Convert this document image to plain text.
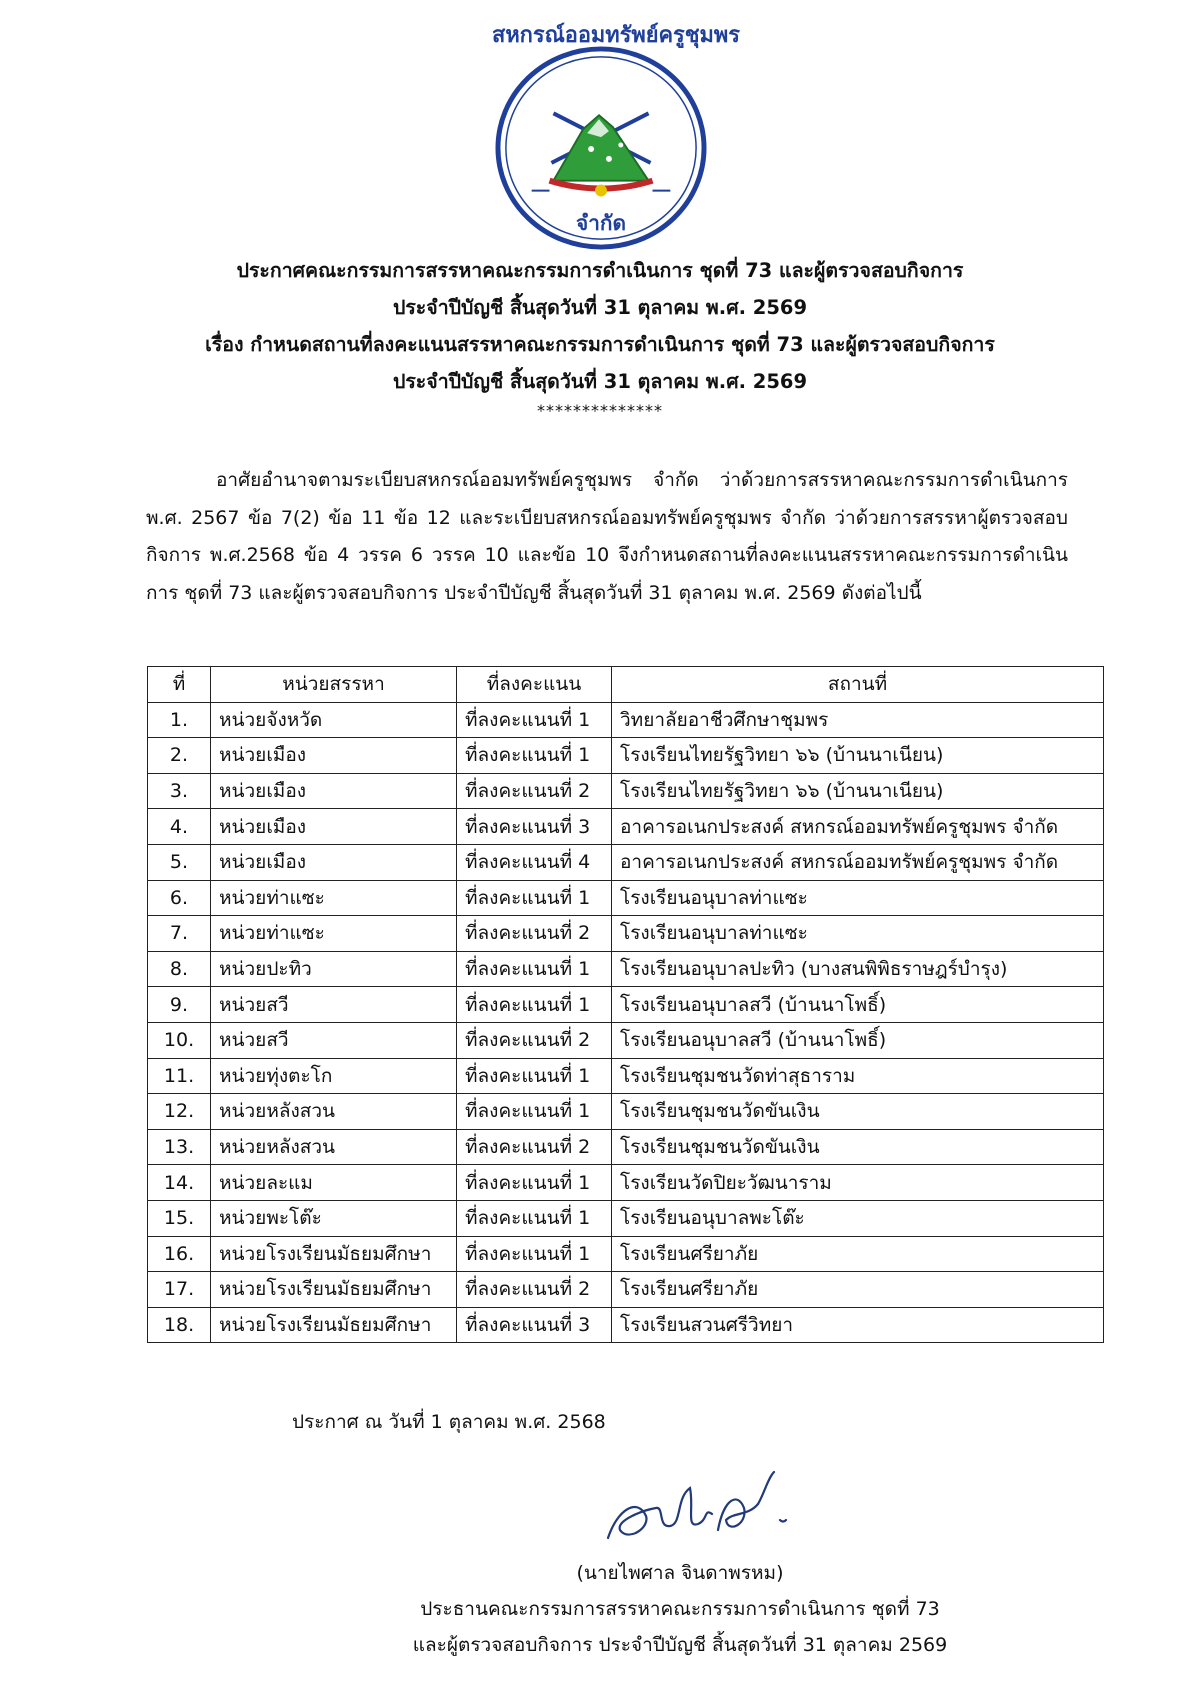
สหกรณ์ออมทรัพย์ครูชุมพร
จำกัด
ประกาศคณะกรรมการสรรหาคณะกรรมการดำเนินการ ชุดที่ 73 และผู้ตรวจสอบกิจการ
ประจำปีบัญชี สิ้นสุดวันที่ 31 ตุลาคม พ.ศ. 2569
เรื่อง กำหนดสถานที่ลงคะแนนสรรหาคณะกรรมการดำเนินการ ชุดที่ 73 และผู้ตรวจสอบกิจการ
ประจำปีบัญชี สิ้นสุดวันที่ 31 ตุลาคม พ.ศ. 2569
**************
อาศัยอำนาจตามระเบียบสหกรณ์ออมทรัพย์ครูชุมพร จำกัด ว่าด้วยการสรรหาคณะกรรมการดำเนินการ พ.ศ. 2567 ข้อ 7(2) ข้อ 11 ข้อ 12 และระเบียบสหกรณ์ออมทรัพย์ครูชุมพร จำกัด ว่าด้วยการสรรหาผู้ตรวจสอบกิจการ พ.ศ.2568 ข้อ 4 วรรค 6 วรรค 10 และข้อ 10 จึงกำหนดสถานที่ลงคะแนนสรรหาคณะกรรมการดำเนินการ ชุดที่ 73 และผู้ตรวจสอบกิจการ ประจำปีบัญชี สิ้นสุดวันที่ 31 ตุลาคม พ.ศ. 2569 ดังต่อไปนี้
ที่	หน่วยสรรหา	ที่ลงคะแนน	สถานที่
1.	หน่วยจังหวัด	ที่ลงคะแนนที่ 1	วิทยาลัยอาชีวศึกษาชุมพร
2.	หน่วยเมือง	ที่ลงคะแนนที่ 1	โรงเรียนไทยรัฐวิทยา ๖๖ (บ้านนาเนียน)
3.	หน่วยเมือง	ที่ลงคะแนนที่ 2	โรงเรียนไทยรัฐวิทยา ๖๖ (บ้านนาเนียน)
4.	หน่วยเมือง	ที่ลงคะแนนที่ 3	อาคารอเนกประสงค์ สหกรณ์ออมทรัพย์ครูชุมพร จำกัด
5.	หน่วยเมือง	ที่ลงคะแนนที่ 4	อาคารอเนกประสงค์ สหกรณ์ออมทรัพย์ครูชุมพร จำกัด
6.	หน่วยท่าแซะ	ที่ลงคะแนนที่ 1	โรงเรียนอนุบาลท่าแซะ
7.	หน่วยท่าแซะ	ที่ลงคะแนนที่ 2	โรงเรียนอนุบาลท่าแซะ
8.	หน่วยปะทิว	ที่ลงคะแนนที่ 1	โรงเรียนอนุบาลปะทิว (บางสนพิพิธราษฎร์บำรุง)
9.	หน่วยสวี	ที่ลงคะแนนที่ 1	โรงเรียนอนุบาลสวี (บ้านนาโพธิ์)
10.	หน่วยสวี	ที่ลงคะแนนที่ 2	โรงเรียนอนุบาลสวี (บ้านนาโพธิ์)
11.	หน่วยทุ่งตะโก	ที่ลงคะแนนที่ 1	โรงเรียนชุมชนวัดท่าสุธาราม
12.	หน่วยหลังสวน	ที่ลงคะแนนที่ 1	โรงเรียนชุมชนวัดขันเงิน
13.	หน่วยหลังสวน	ที่ลงคะแนนที่ 2	โรงเรียนชุมชนวัดขันเงิน
14.	หน่วยละแม	ที่ลงคะแนนที่ 1	โรงเรียนวัดปิยะวัฒนาราม
15.	หน่วยพะโต๊ะ	ที่ลงคะแนนที่ 1	โรงเรียนอนุบาลพะโต๊ะ
16.	หน่วยโรงเรียนมัธยมศึกษา	ที่ลงคะแนนที่ 1	โรงเรียนศรียาภัย
17.	หน่วยโรงเรียนมัธยมศึกษา	ที่ลงคะแนนที่ 2	โรงเรียนศรียาภัย
18.	หน่วยโรงเรียนมัธยมศึกษา	ที่ลงคะแนนที่ 3	โรงเรียนสวนศรีวิทยา
ประกาศ ณ วันที่ 1 ตุลาคม พ.ศ. 2568
(นายไพศาล จินดาพรหม)
ประธานคณะกรรมการสรรหาคณะกรรมการดำเนินการ ชุดที่ 73
และผู้ตรวจสอบกิจการ ประจำปีบัญชี สิ้นสุดวันที่ 31 ตุลาคม 2569
